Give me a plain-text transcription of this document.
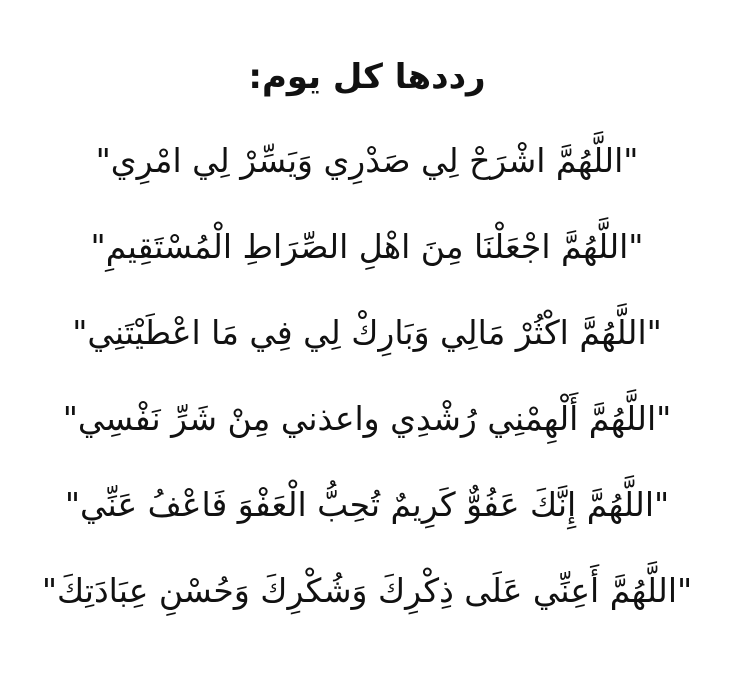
رددها كل يوم:
"اللَّهُمَّ اشْرَحْ لِي صَدْرِي وَيَسِّرْ لِي امْرِي"
"اللَّهُمَّ اجْعَلْنَا مِنَ اهْلِ الصِّرَاطِ الْمُسْتَقِيمِ"
"اللَّهُمَّ اكْثُرْ مَالِي وَبَارِكْ لِي فِي مَا اعْطَيْتَنِي"
"اللَّهُمَّ أَلْهِمْنِي رُشْدِي واعذني مِنْ شَرِّ نَفْسِي"
"اللَّهُمَّ إِنَّكَ عَفُوٌّ كَرِيمٌ تُحِبُّ الْعَفْوَ فَاعْفُ عَنِّي"
"اللَّهُمَّ أَعِنِّي عَلَى ذِكْرِكَ وَشُكْرِكَ وَحُسْنِ عِبَادَتِكَ"
